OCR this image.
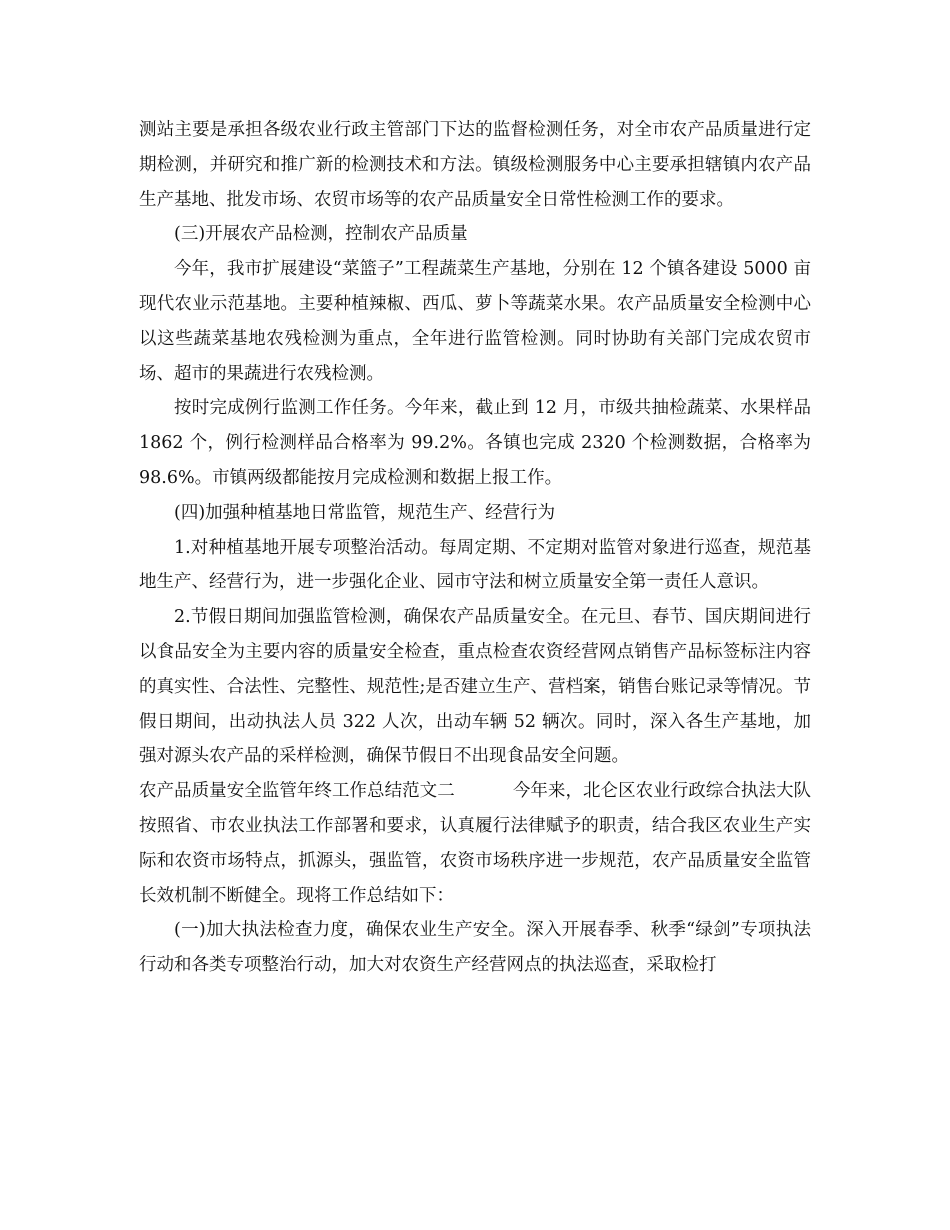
测站主要是承担各级农业行政主管部门下达的监督检测任务，对全市农产品质量进行定期检测，并研究和推广新的检测技术和方法。镇级检测服务中心主要承担辖镇内农产品生产基地、批发市场、农贸市场等的农产品质量安全日常性检测工作的要求。

(三)开展农产品检测，控制农产品质量

今年，我市扩展建设“菜篮子”工程蔬菜生产基地，分别在 12 个镇各建设 5000 亩现代农业示范基地。主要种植辣椒、西瓜、萝卜等蔬菜水果。农产品质量安全检测中心以这些蔬菜基地农残检测为重点，全年进行监管检测。同时协助有关部门完成农贸市场、超市的果蔬进行农残检测。

按时完成例行监测工作任务。今年来，截止到 12 月，市级共抽检蔬菜、水果样品 1862 个，例行检测样品合格率为 99.2%。各镇也完成 2320 个检测数据，合格率为 98.6%。市镇两级都能按月完成检测和数据上报工作。

(四)加强种植基地日常监管，规范生产、经营行为

1.对种植基地开展专项整治活动。每周定期、不定期对监管对象进行巡查，规范基地生产、经营行为，进一步强化企业、园市守法和树立质量安全第一责任人意识。

2.节假日期间加强监管检测，确保农产品质量安全。在元旦、春节、国庆期间进行以食品安全为主要内容的质量安全检查，重点检查农资经营网点销售产品标签标注内容的真实性、合法性、完整性、规范性;是否建立生产、营档案，销售台账记录等情况。节假日期间，出动执法人员 322 人次，出动车辆 52 辆次。同时，深入各生产基地，加强对源头农产品的采样检测，确保节假日不出现食品安全问题。

农产品质量安全监管年终工作总结范文二	今年来，北仑区农业行政综合执法大队按照省、市农业执法工作部署和要求，认真履行法律赋予的职责，结合我区农业生产实际和农资市场特点，抓源头，强监管，农资市场秩序进一步规范，农产品质量安全监管长效机制不断健全。现将工作总结如下：

(一)加大执法检查力度，确保农业生产安全。深入开展春季、秋季“绿剑”专项执法行动和各类专项整治行动，加大对农资生产经营网点的执法巡查，采取检打
